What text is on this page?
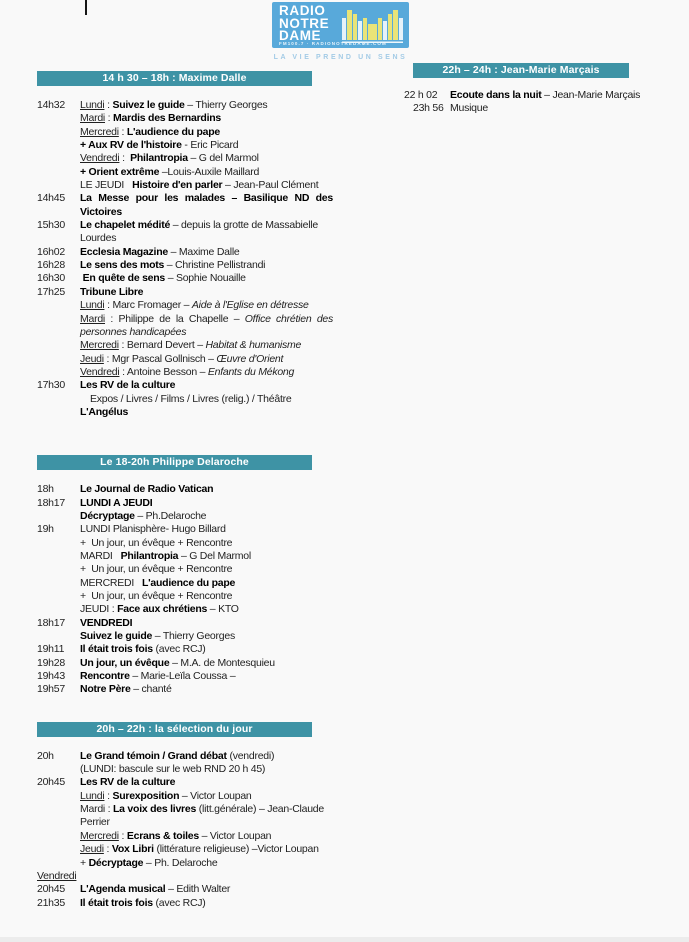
RADIO
NOTRE
DAME
FM100.7 · RADIONOTREDAME.COM
LA VIE PREND UN SENS
14 h 30 – 18h : Maxime Dalle
14h32	Lundi : Suivez le guide – Thierry Georges
Mardi : Mardis des Bernardins
Mercredi : L'audience du pape
+ Aux RV de l'histoire - Eric Picard
Vendredi :  Philantropia – G del Marmol
+ Orient extrême –Louis-Auxile Maillard
LE JEUDI   Histoire d'en parler – Jean-Paul Clément
14h45	La Messe pour les malades – Basilique ND des
Victoires
15h30	Le chapelet médité – depuis la grotte de Massabielle
Lourdes
16h02	Ecclesia Magazine – Maxime Dalle
16h28	Le sens des mots – Christine Pellistrandi
16h30	En quête de sens – Sophie Nouaille
17h25	Tribune Libre
Lundi : Marc Fromager – Aide à l'Eglise en détresse
Mardi : Philippe de la Chapelle – Office chrétien des
personnes handicapées
Mercredi : Bernard Devert – Habitat & humanisme
Jeudi : Mgr Pascal Gollnisch – Œuvre d'Orient
Vendredi : Antoine Besson – Enfants du Mékong
17h30	Les RV de la culture
Expos / Livres / Films / Livres (relig.) / Théâtre
L'Angélus
Le 18-20h Philippe Delaroche
18h	Le Journal de Radio Vatican
18h17	LUNDI A JEUDI
Décryptage – Ph.Delaroche
19h	LUNDI Planisphère- Hugo Billard
+  Un jour, un évêque + Rencontre
MARDI   Philantropia – G Del Marmol
+  Un jour, un évêque + Rencontre
MERCREDI   L'audience du pape
+  Un jour, un évêque + Rencontre
JEUDI : Face aux chrétiens – KTO
18h17	VENDREDI
Suivez le guide – Thierry Georges
19h11	Il était trois fois (avec RCJ)
19h28	Un jour, un évêque – M.A. de Montesquieu
19h43	Rencontre – Marie-Leïla Coussa –
19h57	Notre Père – chanté
20h – 22h : la sélection du jour
20h	Le Grand témoin / Grand débat (vendredi)
(LUNDI: bascule sur le web RND 20 h 45)
20h45	Les RV de la culture
Lundi : Surexposition – Victor Loupan
Mardi : La voix des livres (litt.générale) – Jean-Claude
Perrier
Mercredi : Ecrans & toiles – Victor Loupan
Jeudi : Vox Libri (littérature religieuse) –Victor Loupan
+ Décryptage – Ph. Delaroche
Vendredi
20h45	L'Agenda musical – Edith Walter
21h35	Il était trois fois (avec RCJ)
22h – 24h : Jean-Marie Marçais
22 h 02	Ecoute dans la nuit – Jean-Marie Marçais
23h 56 Musique
